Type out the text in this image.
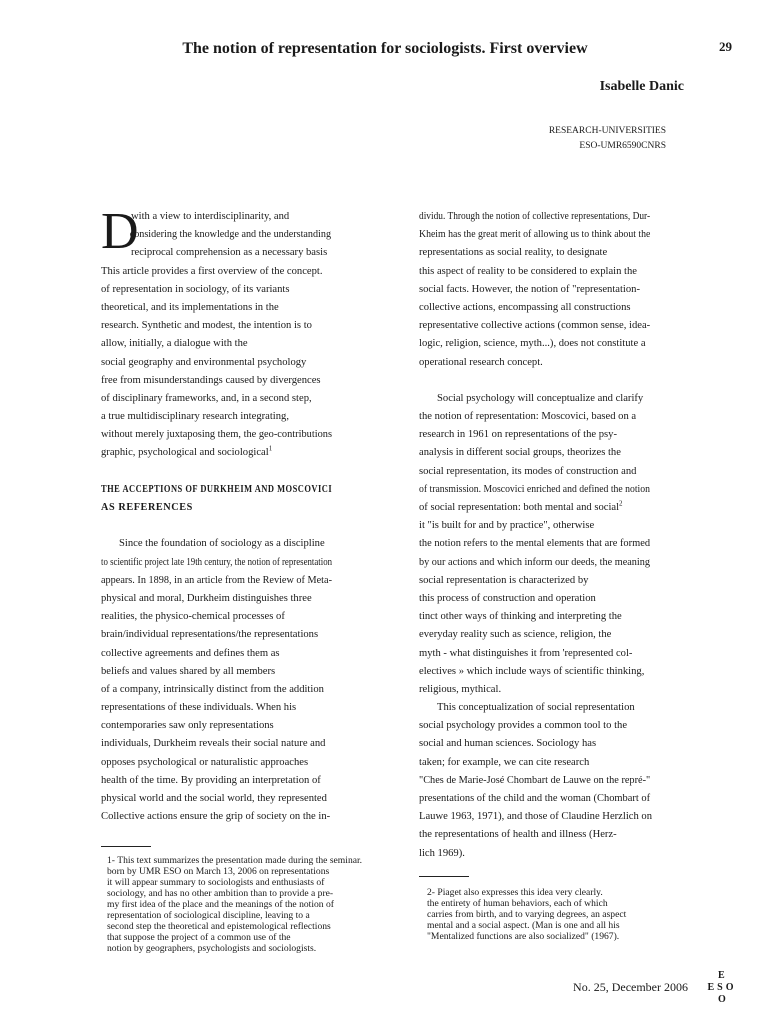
The notion of representation for sociologists. First overview	29
Isabelle Danic
RESEARCH-UNIVERSITIES
ESO-UMR6590CNRS
D
with a view to interdisciplinarity, and
considering the knowledge and the understanding
reciprocal comprehension as a necessary basis
This article provides a first overview of the concept.
of representation in sociology, of its variants
theoretical, and its implementations in the
research. Synthetic and modest, the intention is to
allow, initially, a dialogue with the
social geography and environmental psychology
free from misunderstandings caused by divergences
of disciplinary frameworks, and, in a second step,
a true multidisciplinary research integrating,
without merely juxtaposing them, the geo-contributions
graphic, psychological and sociological$^1$
THE ACCEPTIONS OF DURKHEIM AND MOSCOVICI
AS REFERENCES
Since the foundation of sociology as a discipline
to scientific project late 19th century, the notion of representation
appears. In 1898, in an article from the Review of Meta-
physical and moral, Durkheim distinguishes three
realities, the physico-chemical processes of
brain/individual representations/the representations
collective agreements and defines them as
beliefs and values shared by all members
of a company, intrinsically distinct from the addition
representations of these individuals. When his
contemporaries saw only representations
individuals, Durkheim reveals their social nature and
opposes psychological or naturalistic approaches
health of the time. By providing an interpretation of
physical world and the social world, they represented
Collective actions ensure the grip of society on the in-
dividu. Through the notion of collective representations, Dur-
Kheim has the great merit of allowing us to think about the
representations as social reality, to designate
this aspect of reality to be considered to explain the
social facts. However, the notion of "representation-
collective actions, encompassing all constructions
representative collective actions (common sense, idea-
logic, religion, science, myth...), does not constitute a
operational research concept.
Social psychology will conceptualize and clarify
the notion of representation: Moscovici, based on a
research in 1961 on representations of the psy-
analysis in different social groups, theorizes the
social representation, its modes of construction and
of transmission. Moscovici enriched and defined the notion
of social representation: both mental and social$^2$
it "is built for and by practice", otherwise
the notion refers to the mental elements that are formed
by our actions and which inform our deeds, the meaning
social representation is characterized by
this process of construction and operation
tinct other ways of thinking and interpreting the
everyday reality such as science, religion, the
myth - what distinguishes it from 'represented col-
electives » which include ways of scientific thinking,
religious, mythical.
This conceptualization of social representation
social psychology provides a common tool to the
social and human sciences. Sociology has
taken; for example, we can cite research
"Ches de Marie-José Chombart de Lauwe on the repré-"
presentations of the child and the woman (Chombart of
Lauwe 1963, 1971), and those of Claudine Herzlich on
the representations of health and illness (Herz-
lich 1969).
1- This text summarizes the presentation made during the seminar.
born by UMR ESO on March 13, 2006 on representations
it will appear summary to sociologists and enthusiasts of
sociology, and has no other ambition than to provide a pre-
my first idea of the place and the meanings of the notion of
representation of sociological discipline, leaving to a
second step the theoretical and epistemological reflections
that suppose the project of a common use of the
notion by geographers, psychologists and sociologists.
2- Piaget also expresses this idea very clearly.
the entirety of human behaviors, each of which
carries from birth, and to varying degrees, an aspect
mental and a social aspect. (Man is one and all his
"Mentalized functions are also socialized" (1967).
No. 25, December 2006
E
ESO
O
